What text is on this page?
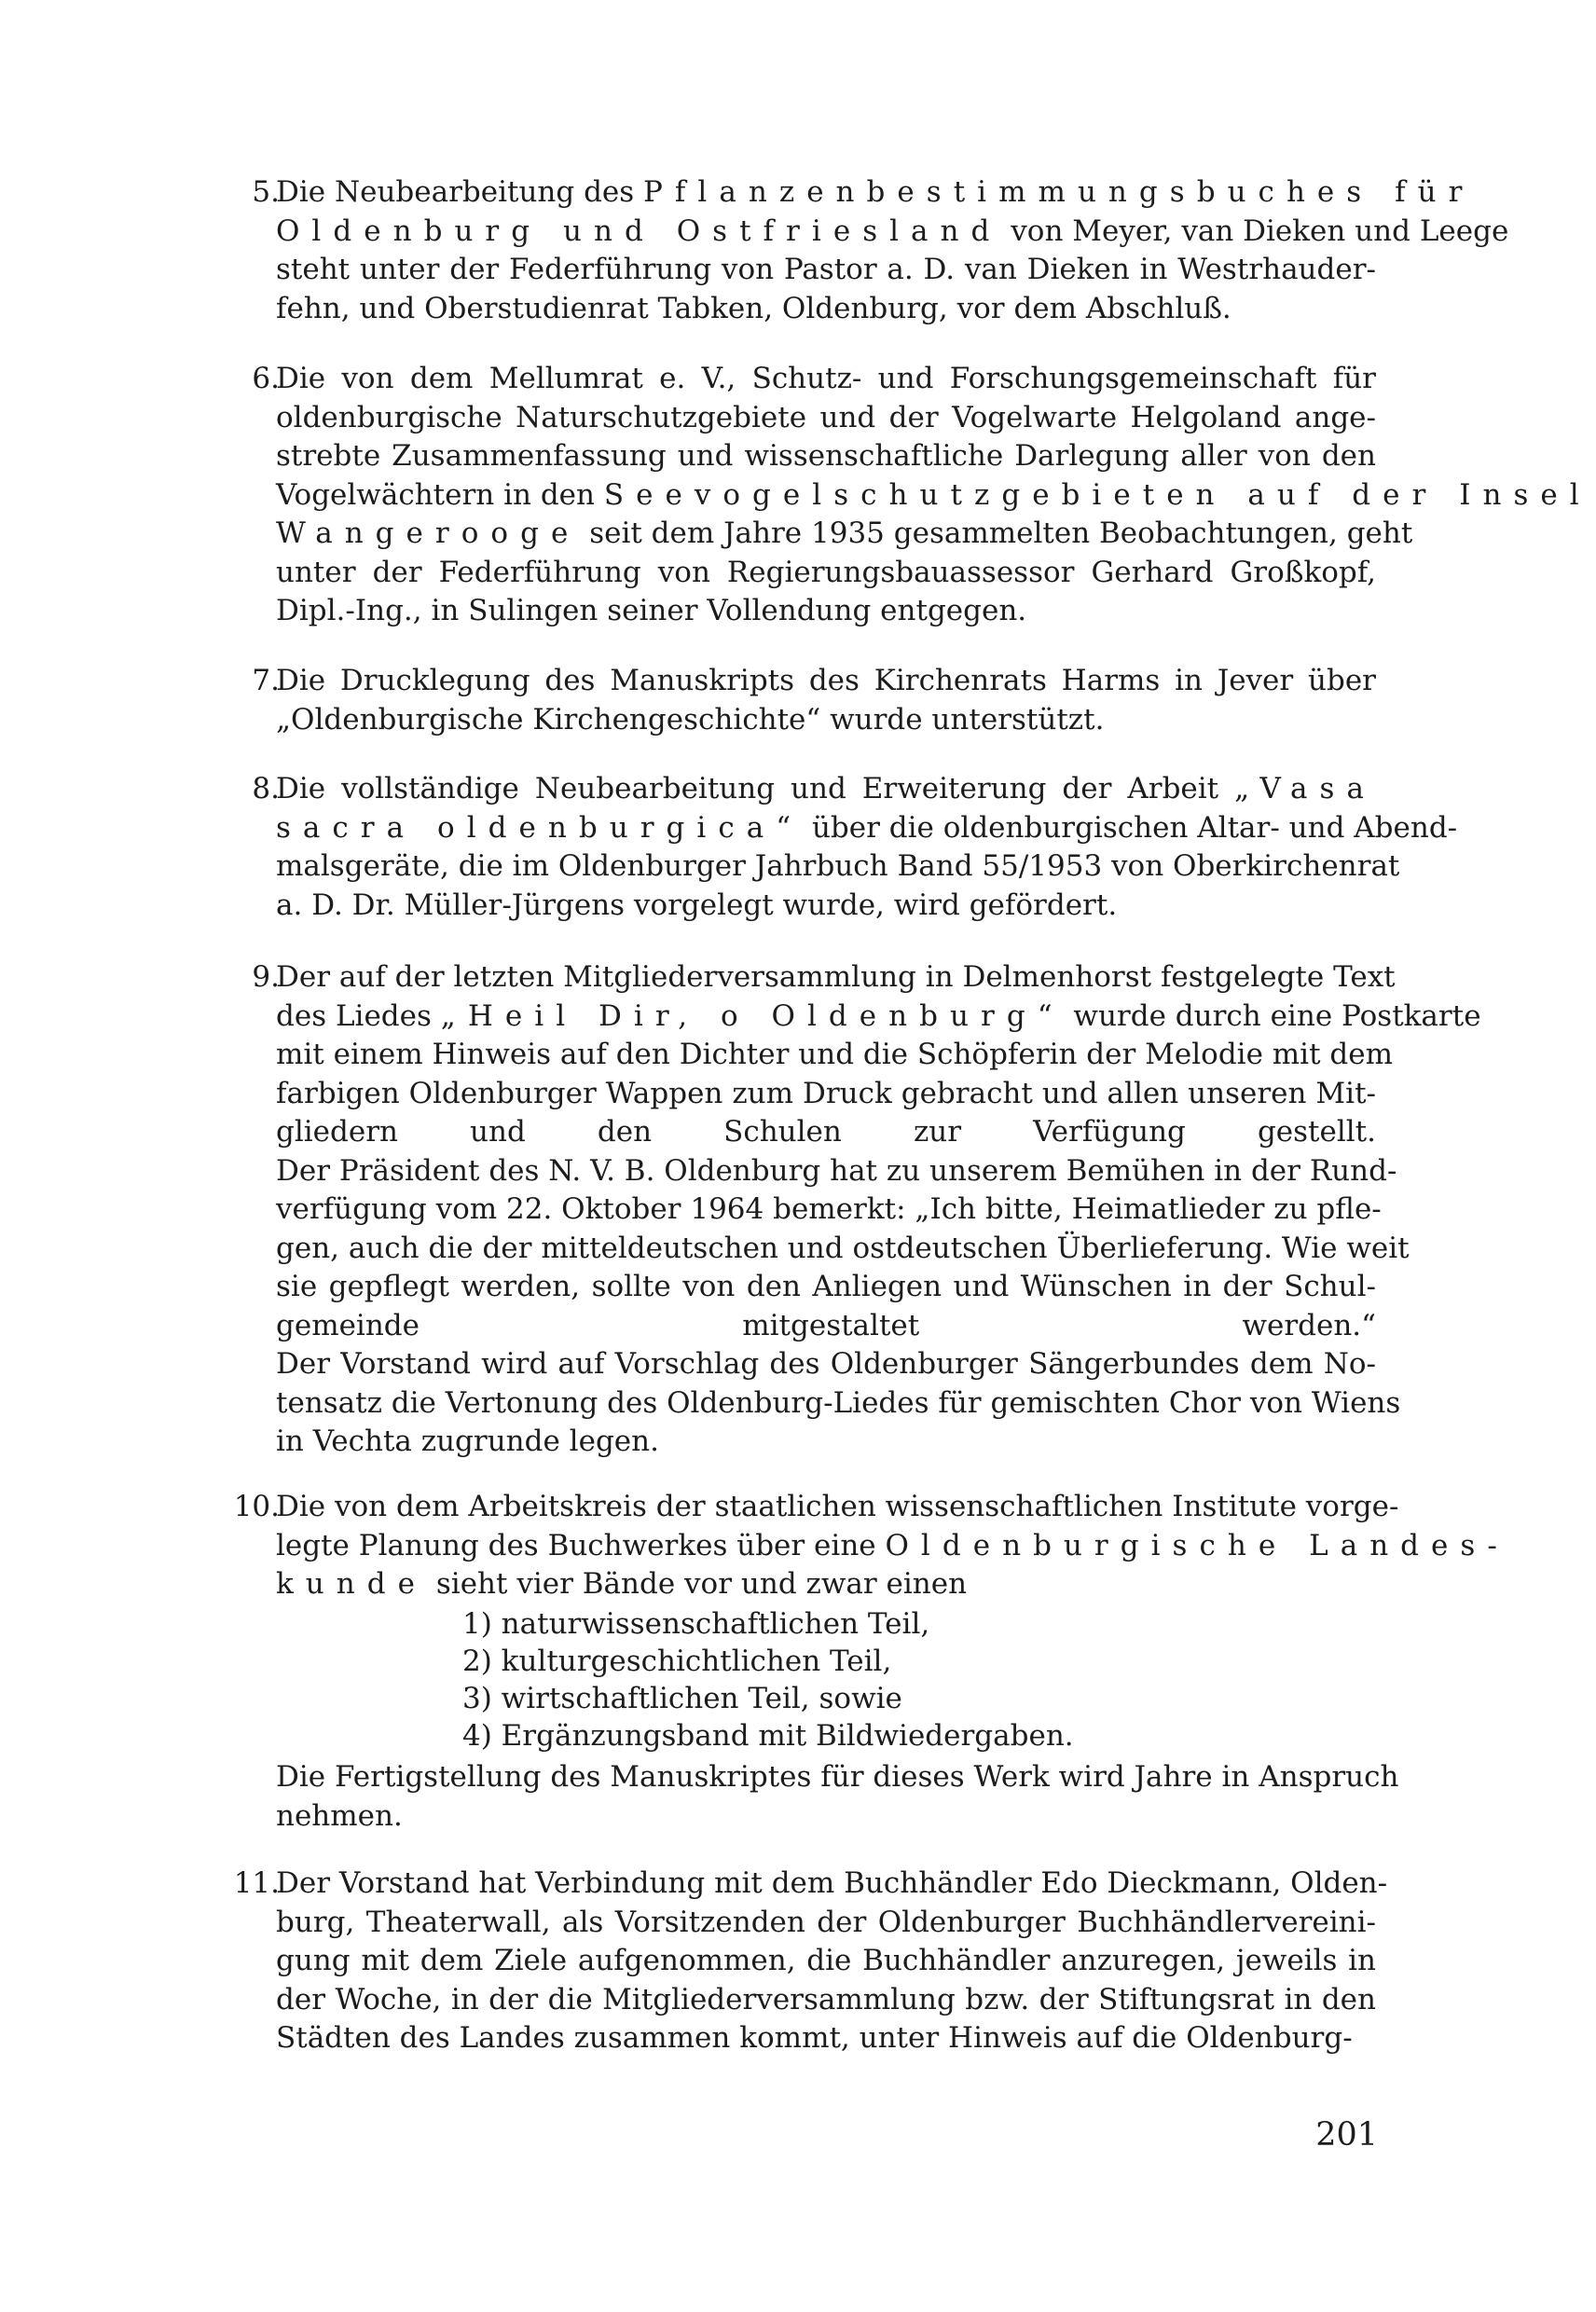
5.
Die Neubearbeitung des Pflanzenbestimmungsbuches für
Oldenburg und Ostfriesland von Meyer, van Dieken und Leege
steht unter der Federführung von Pastor a. D. van Dieken in Westrhauder-
fehn, und Oberstudienrat Tabken, Oldenburg, vor dem Abschluß.
6.
Die von dem Mellumrat e. V., Schutz- und Forschungsgemeinschaft für
oldenburgische Naturschutzgebiete und der Vogelwarte Helgoland ange-
strebte Zusammenfassung und wissenschaftliche Darlegung aller von den
Vogelwächtern in den Seevogelschutzgebieten auf der Insel
Wangerooge seit dem Jahre 1935 gesammelten Beobachtungen, geht
unter der Federführung von Regierungsbauassessor Gerhard Großkopf,
Dipl.-Ing., in Sulingen seiner Vollendung entgegen.
7.
Die Drucklegung des Manuskripts des Kirchenrats Harms in Jever über
„Oldenburgische Kirchengeschichte“ wurde unterstützt.
8.
Die vollständige Neubearbeitung und Erweiterung der Arbeit „Vasa
sacra oldenburgica“ über die oldenburgischen Altar- und Abend-
malsgeräte, die im Oldenburger Jahrbuch Band 55/1953 von Oberkirchenrat
a. D. Dr. Müller-Jürgens vorgelegt wurde, wird gefördert.
9.
Der auf der letzten Mitgliederversammlung in Delmenhorst festgelegte Text
des Liedes „Heil Dir, o Oldenburg“ wurde durch eine Postkarte
mit einem Hinweis auf den Dichter und die Schöpferin der Melodie mit dem
farbigen Oldenburger Wappen zum Druck gebracht und allen unseren Mit-
gliedern und den Schulen zur Verfügung gestellt.
Der Präsident des N. V. B. Oldenburg hat zu unserem Bemühen in der Rund-
verfügung vom 22. Oktober 1964 bemerkt: „Ich bitte, Heimatlieder zu pfle-
gen, auch die der mitteldeutschen und ostdeutschen Überlieferung. Wie weit
sie gepflegt werden, sollte von den Anliegen und Wünschen in der Schul-
gemeinde mitgestaltet werden.“
Der Vorstand wird auf Vorschlag des Oldenburger Sängerbundes dem No-
tensatz die Vertonung des Oldenburg-Liedes für gemischten Chor von Wiens
in Vechta zugrunde legen.
10.
Die von dem Arbeitskreis der staatlichen wissenschaftlichen Institute vorge-
legte Planung des Buchwerkes über eine Oldenburgische Landes-
kunde sieht vier Bände vor und zwar einen
1) naturwissenschaftlichen Teil,
2) kulturgeschichtlichen Teil,
3) wirtschaftlichen Teil, sowie
4) Ergänzungsband mit Bildwiedergaben.
Die Fertigstellung des Manuskriptes für dieses Werk wird Jahre in Anspruch
nehmen.
11.
Der Vorstand hat Verbindung mit dem Buchhändler Edo Dieckmann, Olden-
burg, Theaterwall, als Vorsitzenden der Oldenburger Buchhändlervereini-
gung mit dem Ziele aufgenommen, die Buchhändler anzuregen, jeweils in
der Woche, in der die Mitgliederversammlung bzw. der Stiftungsrat in den
Städten des Landes zusammen kommt, unter Hinweis auf die Oldenburg-
201
